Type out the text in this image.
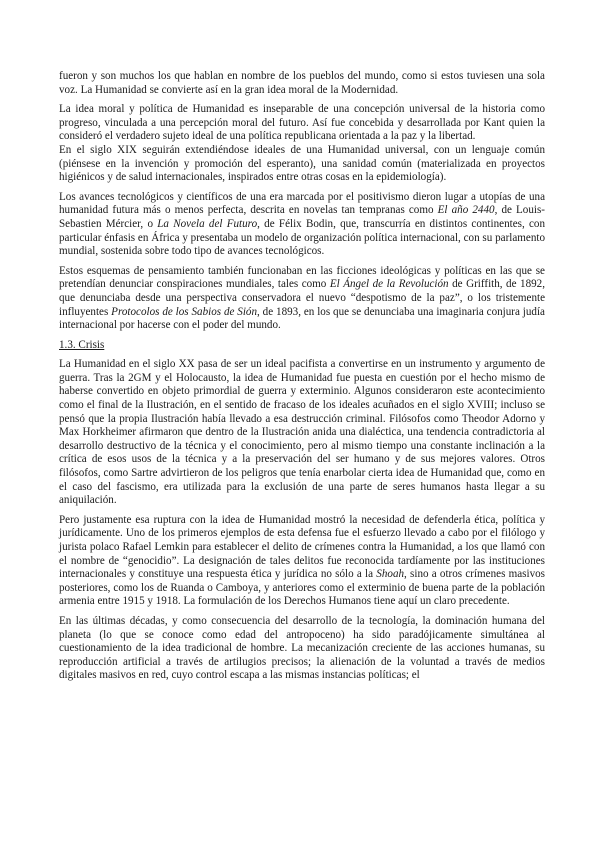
fueron y son muchos los que hablan en nombre de los pueblos del mundo, como si estos tuviesen una sola voz. La Humanidad se convierte así en la gran idea moral de la Modernidad.

La idea moral y política de Humanidad es inseparable de una concepción universal de la historia como progreso, vinculada a una percepción moral del futuro. Así fue concebida y desarrollada por Kant quien la consideró el verdadero sujeto ideal de una política republicana orientada a la paz y la libertad.

En el siglo XIX seguirán extendiéndose ideales de una Humanidad universal, con un lenguaje común (piénsese en la invención y promoción del esperanto), una sanidad común (materializada en proyectos higiénicos y de salud internacionales, inspirados entre otras cosas en la epidemiología).

Los avances tecnológicos y científicos de una era marcada por el positivismo dieron lugar a utopías de una humanidad futura más o menos perfecta, descrita en novelas tan tempranas como El año 2440, de Louis-Sebastien Mércier, o La Novela del Futuro, de Félix Bodin, que, transcurría en distintos continentes, con particular énfasis en África y presentaba un modelo de organización política internacional, con su parlamento mundial, sostenida sobre todo tipo de avances tecnológicos.

Estos esquemas de pensamiento también funcionaban en las ficciones ideológicas y políticas en las que se pretendían denunciar conspiraciones mundiales, tales como El Ángel de la Revolución de Griffith, de 1892, que denunciaba desde una perspectiva conservadora el nuevo “despotismo de la paz”, o los tristemente influyentes Protocolos de los Sabios de Sión, de 1893, en los que se denunciaba una imaginaria conjura judía internacional por hacerse con el poder del mundo.

1.3. Crisis

La Humanidad en el siglo XX pasa de ser un ideal pacifista a convertirse en un instrumento y argumento de guerra. Tras la 2GM y el Holocausto, la idea de Humanidad fue puesta en cuestión por el hecho mismo de haberse convertido en objeto primordial de guerra y exterminio. Algunos consideraron este acontecimiento como el final de la Ilustración, en el sentido de fracaso de los ideales acuñados en el siglo XVIII; incluso se pensó que la propia Ilustración había llevado a esa destrucción criminal. Filósofos como Theodor Adorno y Max Horkheimer afirmaron que dentro de la Ilustración anida una dialéctica, una tendencia contradictoria al desarrollo destructivo de la técnica y el conocimiento, pero al mismo tiempo una constante inclinación a la crítica de esos usos de la técnica y a la preservación del ser humano y de sus mejores valores. Otros filósofos, como Sartre advirtieron de los peligros que tenía enarbolar cierta idea de Humanidad que, como en el caso del fascismo, era utilizada para la exclusión de una parte de seres humanos hasta llegar a su aniquilación.

Pero justamente esa ruptura con la idea de Humanidad mostró la necesidad de defenderla ética, política y jurídicamente. Uno de los primeros ejemplos de esta defensa fue el esfuerzo llevado a cabo por el filólogo y jurista polaco Rafael Lemkin para establecer el delito de crímenes contra la Humanidad, a los que llamó con el nombre de “genocidio”. La designación de tales delitos fue reconocida tardíamente por las instituciones internacionales y constituye una respuesta ética y jurídica no sólo a la Shoah, sino a otros crímenes masivos posteriores, como los de Ruanda o Camboya, y anteriores como el exterminio de buena parte de la población armenia entre 1915 y 1918. La formulación de los Derechos Humanos tiene aquí un claro precedente.

En las últimas décadas, y como consecuencia del desarrollo de la tecnología, la dominación humana del planeta (lo que se conoce como edad del antropoceno) ha sido paradójicamente simultánea al cuestionamiento de la idea tradicional de hombre. La mecanización creciente de las acciones humanas, su reproducción artificial a través de artilugios precisos; la alienación de la voluntad a través de medios digitales masivos en red, cuyo control escapa a las mismas instancias políticas; el
